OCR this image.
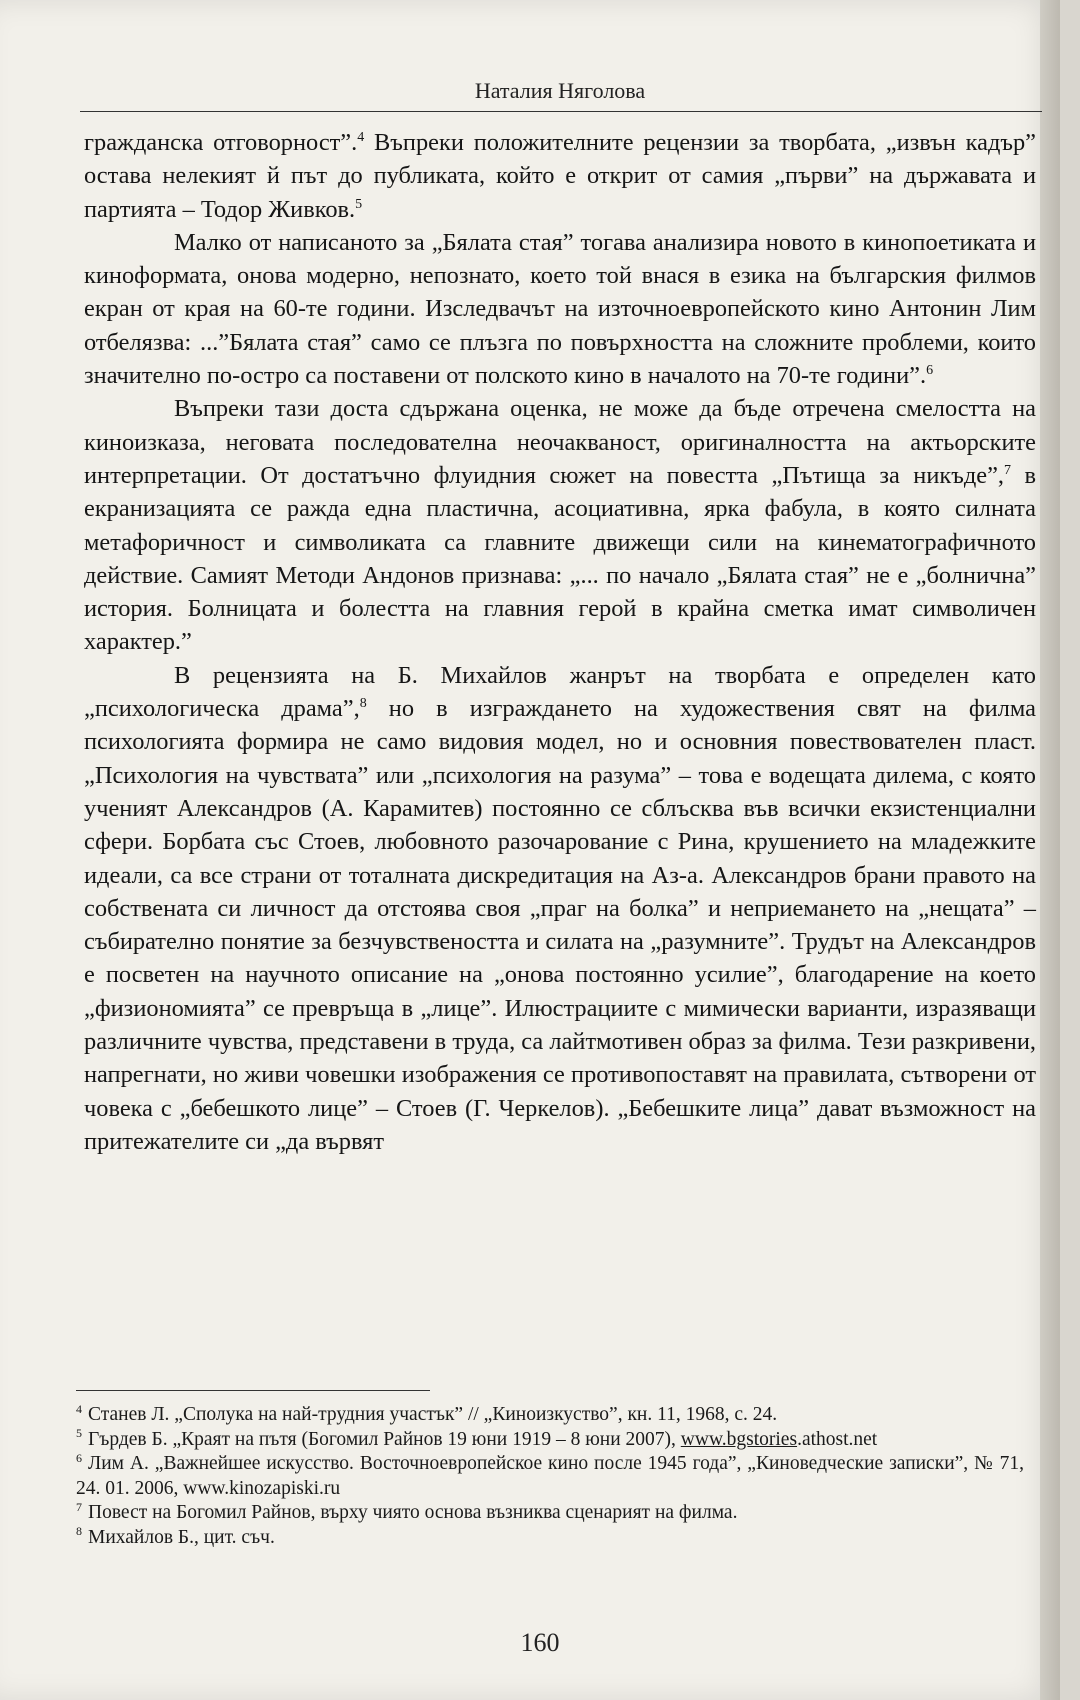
Наталия Няголова

гражданска отговорност”.$^4$ Въпреки положителните рецензии за творбата, „извън кадър” остава нелекият й път до публиката, който е открит от самия „първи” на държавата и партията – Тодор Живков.$^5$

Малко от написаното за „Бялата стая” тогава анализира новото в кинопоетиката и киноформата, онова модерно, непознато, което той внася в езика на българския филмов екран от края на 60-те години. Изследвачът на източноевропейското кино Антонин Лим отбелязва: ...”Бялата стая” само се плъзга по повърхността на сложните проблеми, които значително по-остро са поставени от полското кино в началото на 70-те години”.$^6$

Въпреки тази доста сдържана оценка, не може да бъде отречена смелостта на киноизказа, неговата последователна неочакваност, оригиналността на актьорските интерпретации. От достатъчно флуидния сюжет на повестта „Пътища за никъде”,$^7$ в екранизацията се ражда една пластична, асоциативна, ярка фабула, в която силната метафоричност и символиката са главните движещи сили на кинематографичното действие. Самият Методи Андонов признава: „... по начало „Бялата стая” не е „болнична” история. Болницата и болестта на главния герой в крайна сметка имат символичен характер.”

В рецензията на Б. Михайлов жанрът на творбата е определен като „психологическа драма”,$^8$ но в изграждането на художествения свят на филма психологията формира не само видовия модел, но и основния повествователен пласт. „Психология на чувствата” или „психология на разума” – това е водещата дилема, с която ученият Александров (А. Карамитев) постоянно се сблъсква във всички екзистенциални сфери. Борбата със Стоев, любовното разочарование с Рина, крушението на младежките идеали, са все страни от тоталната дискредитация на Аз-а. Александров брани правото на собствената си личност да отстоява своя „праг на болка” и неприемането на „нещата” – събирателно понятие за безчувствеността и силата на „разумните”. Трудът на Александров е посветен на научното описание на „онова постоянно усилие”, благодарение на което „физиономията” се превръща в „лице”. Илюстрациите с мимически варианти, изразяващи различните чувства, представени в труда, са лайтмотивен образ за филма. Тези разкривени, напрегнати, но живи човешки изображения се противопоставят на правилата, сътворени от човека с „бебешкото лице” – Стоев (Г. Черкелов). „Бебешките лица” дават възможност на притежателите си „да вървят

$^4$ Станев Л. „Сполука на най-трудния участък” // „Киноизкуство”, кн. 11, 1968, с. 24.

$^5$ Гърдев Б. „Краят на пътя (Богомил Райнов 19 юни 1919 – 8 юни 2007), www.bgstories.athost.net

$^6$ Лим А. „Важнейшее искусство. Восточноевропейское кино после 1945 года”, „Киноведческие записки”, № 71, 24. 01. 2006, www.kinozapiski.ru

$^7$ Повест на Богомил Райнов, върху чиято основа възниква сценарият на филма.

$^8$ Михайлов Б., цит. съч.

160
